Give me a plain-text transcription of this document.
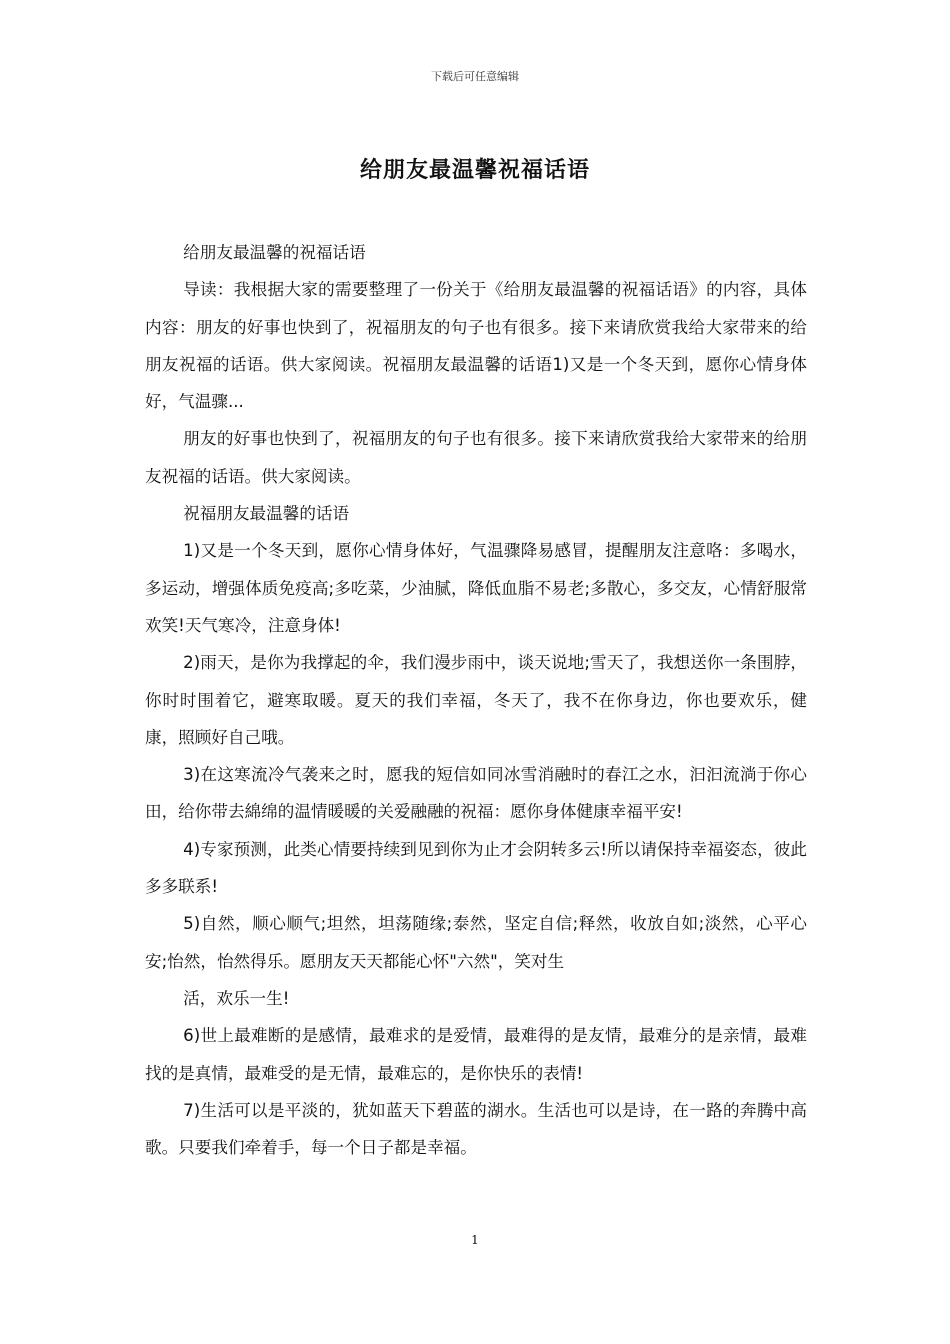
下载后可任意编辑
给朋友最温馨祝福话语

给朋友最温馨的祝福话语

导读：我根据大家的需要整理了一份关于《给朋友最温馨的祝福话语》的内容，具体内容：朋友的好事也快到了，祝福朋友的句子也有很多。接下来请欣赏我给大家带来的给朋友祝福的话语。供大家阅读。祝福朋友最温馨的话语1)又是一个冬天到，愿你心情身体好，气温骤...

朋友的好事也快到了，祝福朋友的句子也有很多。接下来请欣赏我给大家带来的给朋友祝福的话语。供大家阅读。

祝福朋友最温馨的话语

1)又是一个冬天到，愿你心情身体好，气温骤降易感冒，提醒朋友注意咯：多喝水，多运动，增强体质免疫高;多吃菜，少油腻，降低血脂不易老;多散心，多交友，心情舒服常欢笑!天气寒冷，注意身体!

2)雨天，是你为我撑起的伞，我们漫步雨中，谈天说地;雪天了，我想送你一条围脖，你时时围着它，避寒取暖。夏天的我们幸福，冬天了，我不在你身边，你也要欢乐，健康，照顾好自己哦。

3)在这寒流冷气袭来之时，愿我的短信如同冰雪消融时的春江之水，汩汩流淌于你心田，给你带去綿绵的温情暖暖的关爱融融的祝福：愿你身体健康幸福平安!

4)专家预测，此类心情要持续到见到你为止才会阴转多云!所以请保持幸福姿态，彼此多多联系!

5)自然，顺心顺气;坦然，坦荡随缘;泰然，坚定自信;释然，收放自如;淡然，心平心安;怡然，怡然得乐。愿朋友天天都能心怀"六然"，笑对生

活，欢乐一生!

6)世上最难断的是感情，最难求的是爱情，最难得的是友情，最难分的是亲情，最难找的是真情，最难受的是无情，最难忘的，是你快乐的表情!

7)生活可以是平淡的，犹如蓝天下碧蓝的湖水。生活也可以是诗，在一路的奔腾中高歌。只要我们牵着手，每一个日子都是幸福。

1
